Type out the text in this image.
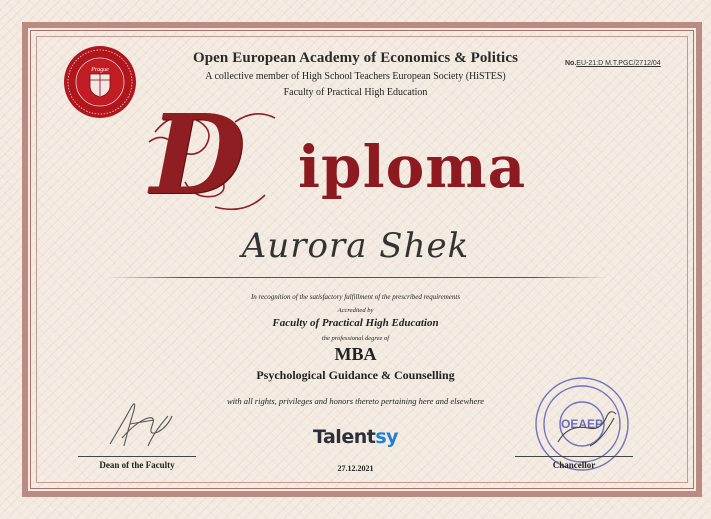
Prague
Open European Academy of Economics & Politics
A collective member of High School Teachers European Society (HiSTES)
Faculty of Practical High Education
No.EU-21:D M.T.PGC/2712/04
D iploma
Aurora Shek
In recognition of the satisfactory fulfillment of the prescribed requirements
Accredited by
Faculty of Practical High Education
the professional degree of
MBA
Psychological Guidance & Counselling
with all rights, privileges and honors thereto pertaining here and elsewhere
Talentsy
27.12.2021
Dean of the Faculty
OEAEP
Chancellor
